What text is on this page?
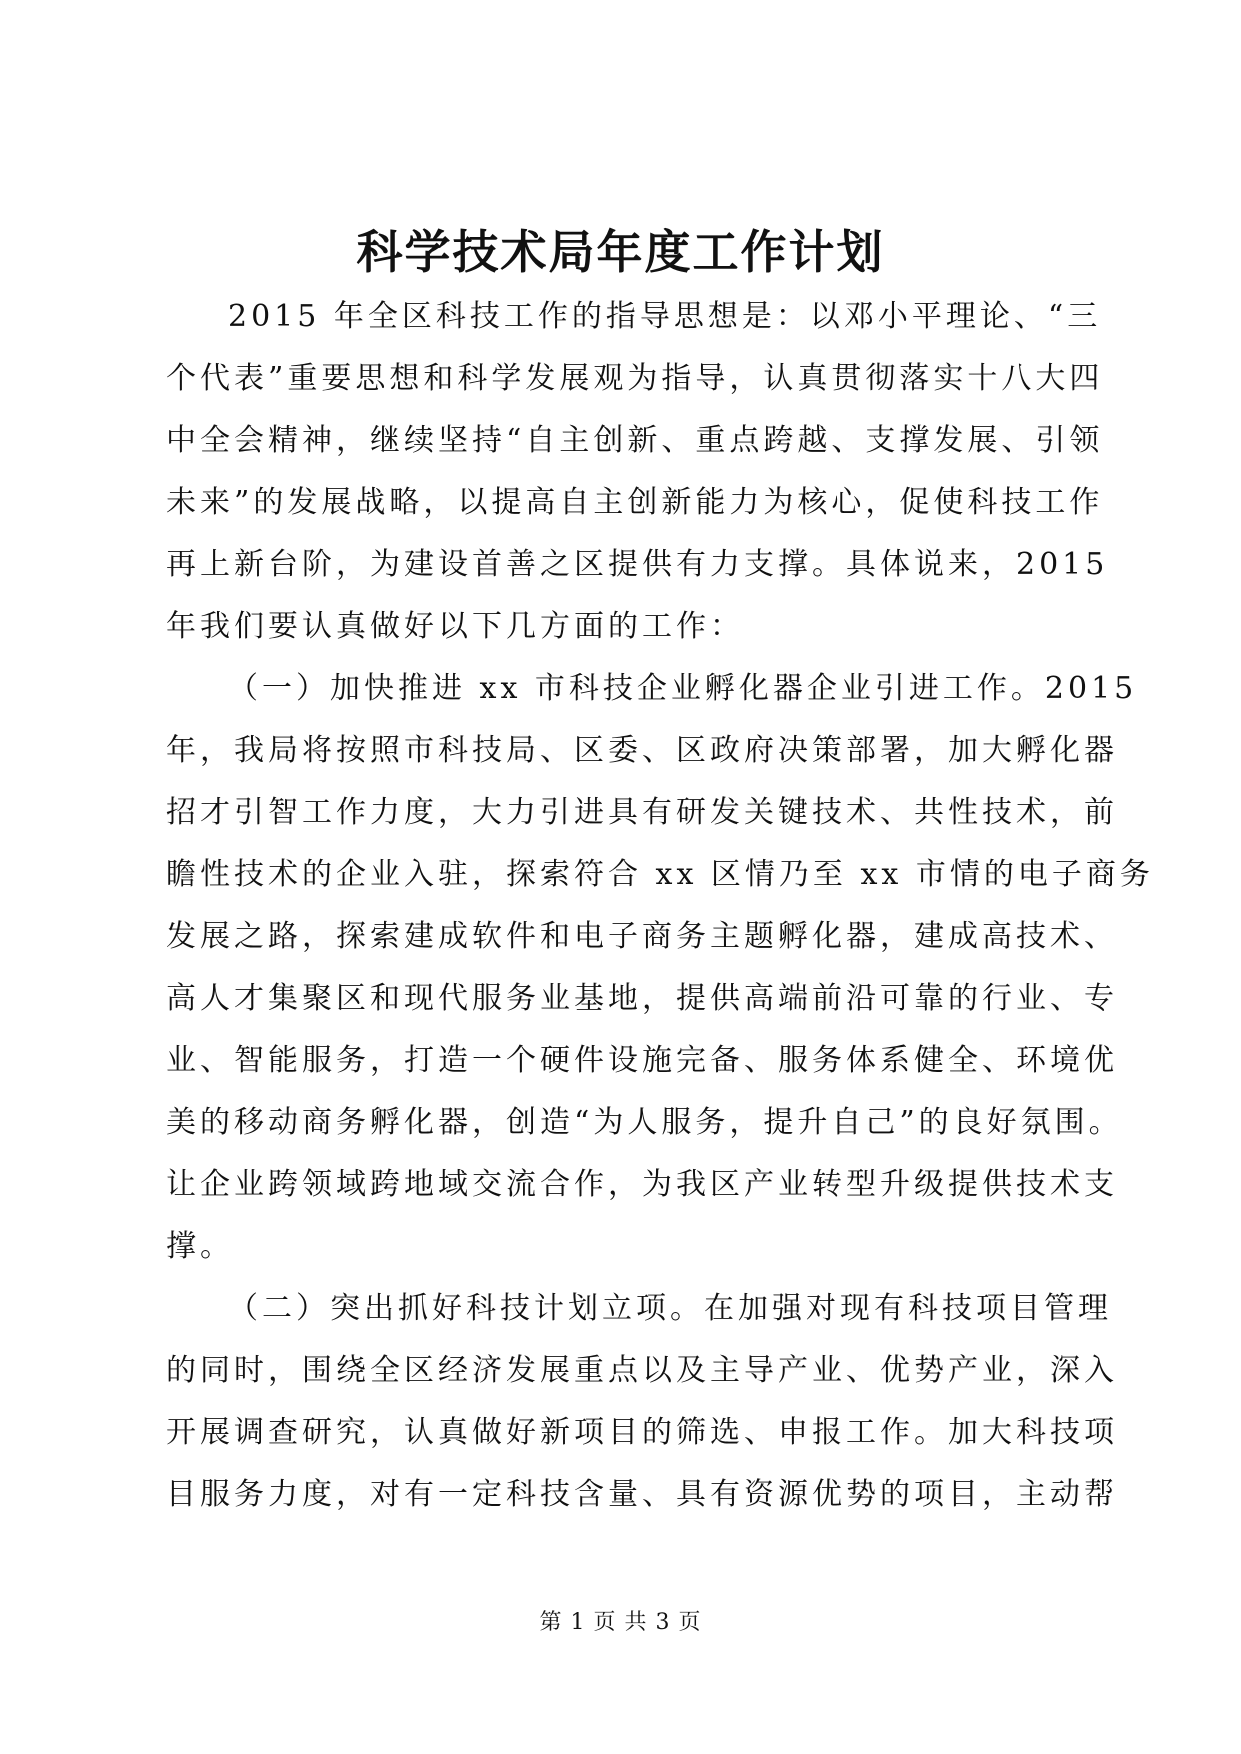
科学技术局年度工作计划
2015 年全区科技工作的指导思想是：以邓小平理论、“三
个代表”重要思想和科学发展观为指导，认真贯彻落实十八大四
中全会精神，继续坚持“自主创新、重点跨越、支撑发展、引领
未来”的发展战略，以提高自主创新能力为核心，促使科技工作
再上新台阶，为建设首善之区提供有力支撑。具体说来，2015
年我们要认真做好以下几方面的工作：
（一）加快推进 xx 市科技企业孵化器企业引进工作。2015
年，我局将按照市科技局、区委、区政府决策部署，加大孵化器
招才引智工作力度，大力引进具有研发关键技术、共性技术，前
瞻性技术的企业入驻，探索符合 xx 区情乃至 xx 市情的电子商务
发展之路，探索建成软件和电子商务主题孵化器，建成高技术、
高人才集聚区和现代服务业基地，提供高端前沿可靠的行业、专
业、智能服务，打造一个硬件设施完备、服务体系健全、环境优
美的移动商务孵化器，创造“为人服务，提升自己”的良好氛围。
让企业跨领域跨地域交流合作，为我区产业转型升级提供技术支
撑。
（二）突出抓好科技计划立项。在加强对现有科技项目管理
的同时，围绕全区经济发展重点以及主导产业、优势产业，深入
开展调查研究，认真做好新项目的筛选、申报工作。加大科技项
目服务力度，对有一定科技含量、具有资源优势的项目，主动帮
第 1 页 共 3 页
